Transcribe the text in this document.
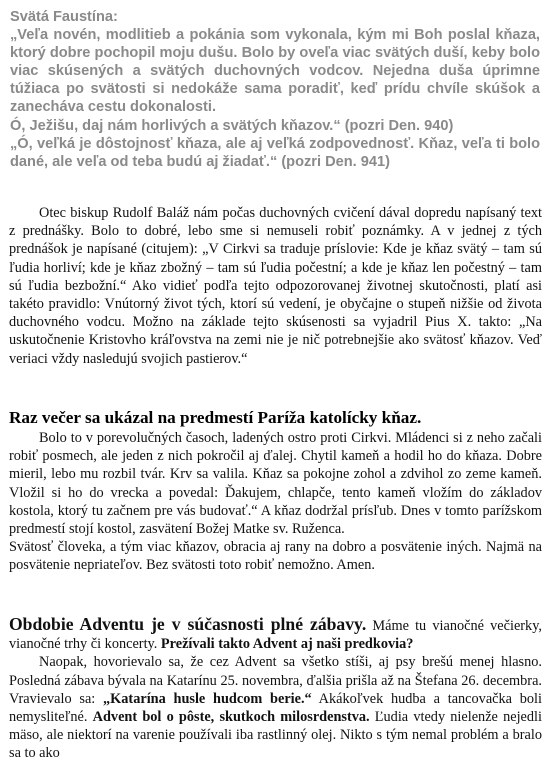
Svätá Faustína:

„Veľa novén, modlitieb a pokánia som vykonala, kým mi Boh poslal kňaza, ktorý dobre pochopil moju dušu. Bolo by oveľa viac svätých duší, keby bolo viac skúsených a svätých duchovných vodcov. Nejedna duša úprimne túžiaca po svätosti si nedokáže sama poradiť, keď prídu chvíle skúšok a zanecháva cestu dokonalosti.

Ó, Ježišu, daj nám horlivých a svätých kňazov.“ (pozri Den. 940)

„Ó, veľká je dôstojnosť kňaza, ale aj veľká zodpovednosť. Kňaz, veľa ti bolo dané, ale veľa od teba budú aj žiadať.“ (pozri Den. 941)

Otec biskup Rudolf Baláž nám počas duchovných cvičení dával dopredu napísaný text z prednášky. Bolo to dobré, lebo sme si nemuseli robiť poznámky. A v jednej z tých prednášok je napísané (citujem): „V Cirkvi sa traduje príslovie: Kde je kňaz svätý – tam sú ľudia horliví; kde je kňaz zbožný – tam sú ľudia počestní; a kde je kňaz len počestný – tam sú ľudia bezbožní.“ Ako vidieť podľa tejto odpozorovanej životnej skutočnosti, platí asi takéto pravidlo: Vnútorný život tých, ktorí sú vedení, je obyčajne o stupeň nižšie od života duchovného vodcu. Možno na základe tejto skúsenosti sa vyjadril Pius X. takto: „Na uskutočnenie Kristovho kráľovstva na zemi nie je nič potrebnejšie ako svätosť kňazov. Veď veriaci vždy nasledujú svojich pastierov.“

Raz večer sa ukázal na predmestí Paríža katolícky kňaz.

Bolo to v porevolučných časoch, ladených ostro proti Cirkvi. Mládenci si z neho začali robiť posmech, ale jeden z nich pokročil aj ďalej. Chytil kameň a hodil ho do kňaza. Dobre mieril, lebo mu rozbil tvár. Krv sa valila. Kňaz sa pokojne zohol a zdvihol zo zeme kameň. Vložil si ho do vrecka a povedal: Ďakujem, chlapče, tento kameň vložím do základov kostola, ktorý tu začnem pre vás budovať.“ A kňaz dodržal prísľub. Dnes v tomto parížskom predmestí stojí kostol, zasvätení Božej Matke sv. Ruženca.

Svätosť človeka, a tým viac kňazov, obracia aj rany na dobro a posvätenie iných. Najmä na posvätenie nepriateľov. Bez svätosti toto robiť nemožno. Amen.

Obdobie Adventu je v súčasnosti plné zábavy. Máme tu vianočné večierky, vianočné trhy či koncerty. Prežívali takto Advent aj naši predkovia?

Naopak, hovorievalo sa, že cez Advent sa všetko stíši, aj psy brešú menej hlasno. Posledná zábava bývala na Katarínu 25. novembra, ďalšia prišla až na Štefana 26. decembra. Vravievalo sa: „Katarína husle hudcom berie.“ Akákoľvek hudba a tancovačka boli nemysliteľné. Advent bol o pôste, skutkoch milosrdenstva. Ľudia vtedy nielenže nejedli mäso, ale niektorí na varenie používali iba rastlinný olej. Nikto s tým nemal problém a bralo sa to ako
